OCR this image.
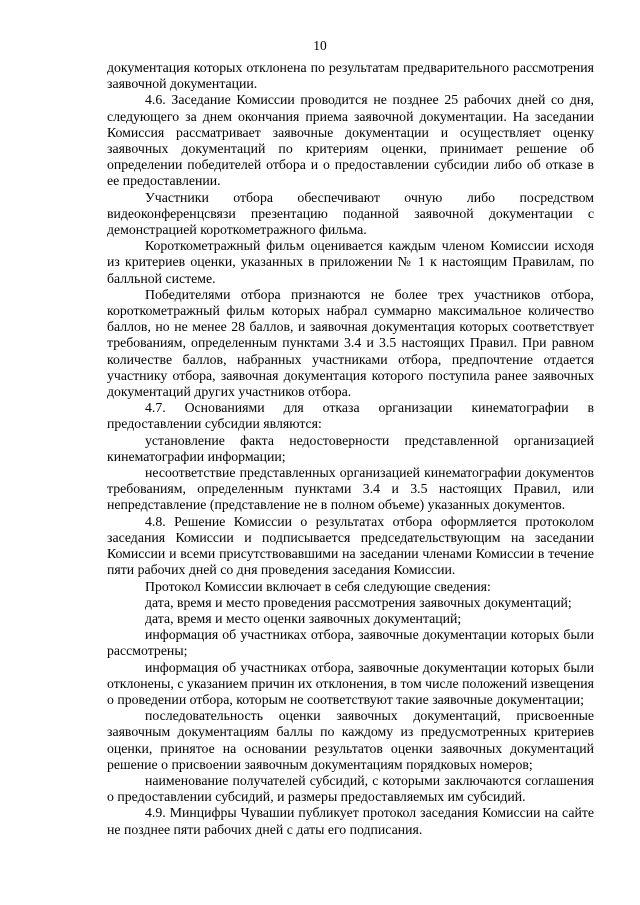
10

документация которых отклонена по результатам предварительного рассмотрения заявочной документации.

4.6. Заседание Комиссии проводится не позднее 25 рабочих дней со дня, следующего за днем окончания приема заявочной документации. На заседании Комиссия рассматривает заявочные документации и осуществляет оценку заявочных документаций по критериям оценки, принимает решение об определении победителей отбора и о предоставлении субсидии либо об отказе в ее предоставлении.

Участники отбора обеспечивают очную либо посредством видеоконференцсвязи презентацию поданной заявочной документации с демонстрацией короткометражного фильма.

Короткометражный фильм оценивается каждым членом Комиссии исходя из критериев оценки, указанных в приложении № 1 к настоящим Правилам, по балльной системе.

Победителями отбора признаются не более трех участников отбора, короткометражный фильм которых набрал суммарно максимальное количество баллов, но не менее 28 баллов, и заявочная документация которых соответствует требованиям, определенным пунктами 3.4 и 3.5 настоящих Правил. При равном количестве баллов, набранных участниками отбора, предпочтение отдается участнику отбора, заявочная документация которого поступила ранее заявочных документаций других участников отбора.

4.7. Основаниями для отказа организации кинематографии в предоставлении субсидии являются:

установление факта недостоверности представленной организацией кинематографии информации;

несоответствие представленных организацией кинематографии документов требованиям, определенным пунктами 3.4 и 3.5 настоящих Правил, или непредставление (представление не в полном объеме) указанных документов.

4.8. Решение Комиссии о результатах отбора оформляется протоколом заседания Комиссии и подписывается председательствующим на заседании Комиссии и всеми присутствовавшими на заседании членами Комиссии в течение пяти рабочих дней со дня проведения заседания Комиссии.

Протокол Комиссии включает в себя следующие сведения:

дата, время и место проведения рассмотрения заявочных документаций;

дата, время и место оценки заявочных документаций;

информация об участниках отбора, заявочные документации которых были рассмотрены;

информация об участниках отбора, заявочные документации которых были отклонены, с указанием причин их отклонения, в том числе положений извещения о проведении отбора, которым не соответствуют такие заявочные документации;

последовательность оценки заявочных документаций, присвоенные заявочным документациям баллы по каждому из предусмотренных критериев оценки, принятое на основании результатов оценки заявочных документаций решение о присвоении заявочным документациям порядковых номеров;

наименование получателей субсидий, с которыми заключаются соглашения о предоставлении субсидий, и размеры предоставляемых им субсидий.

4.9. Минцифры Чувашии публикует протокол заседания Комиссии на сайте не позднее пяти рабочих дней с даты его подписания.
